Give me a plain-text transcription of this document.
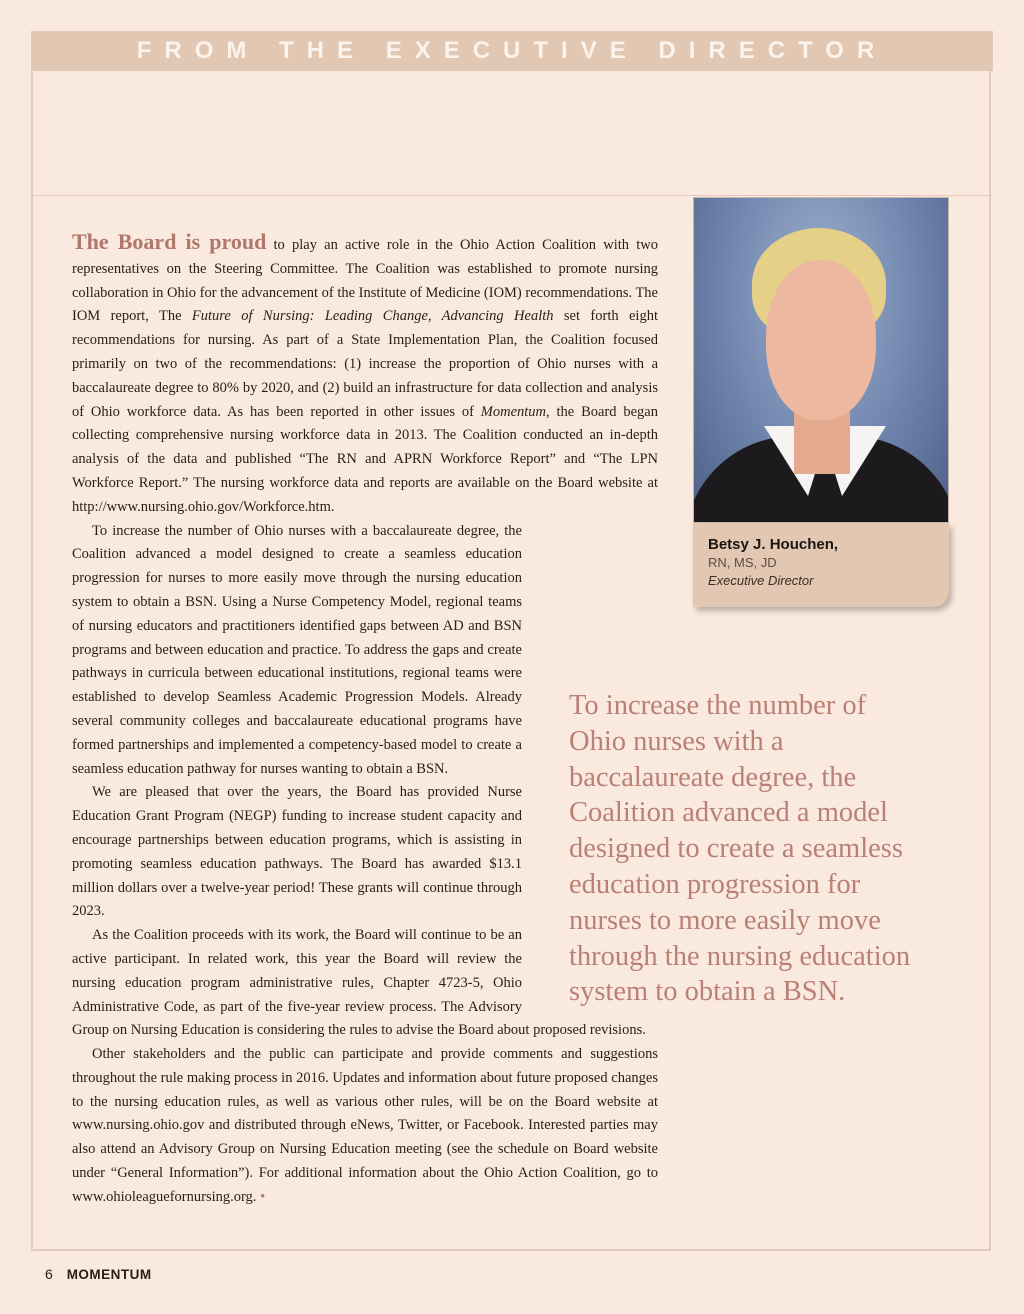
FROM THE EXECUTIVE DIRECTOR
Betsy J. Houchen,
RN, MS, JD
Executive Director

The Board is proud to play an active role in the Ohio Action Coalition with two representatives on the Steering Committee. The Coalition was established to promote nursing collaboration in Ohio for the advancement of the Institute of Medicine (IOM) recommendations. The IOM report, The Future of Nursing: Leading Change, Advancing Health set forth eight recommendations for nursing. As part of a State Implementation Plan, the Coalition focused primarily on two of the recommendations: (1) increase the proportion of Ohio nurses with a baccalaureate degree to 80% by 2020, and (2) build an infrastructure for data collection and analysis of Ohio workforce data. As has been reported in other issues of Momentum, the Board began collecting comprehensive nursing workforce data in 2013. The Coalition conducted an in-depth analysis of the data and published “The RN and APRN Workforce Report” and “The LPN Workforce Report.” The nursing workforce data and reports are available on the Board website at http://www.nursing.ohio.gov/Workforce.htm.

To increase the number of Ohio nurses with a baccalaureate degree, the Coalition advanced a model designed to create a seamless education progression for nurses to more easily move through the nursing education system to obtain a BSN. Using a Nurse Competency Model, regional teams of nursing educators and practitioners identified gaps between AD and BSN programs and between education and practice. To address the gaps and create pathways in curricula between educational institutions, regional teams were established to develop Seamless Academic Progression Models. Already several community colleges and baccalaureate educational programs have formed partnerships and implemented a competency-based model to create a seamless education pathway for nurses wanting to obtain a BSN.

We are pleased that over the years, the Board has provided Nurse Education Grant Program (NEGP) funding to increase student capacity and encourage partnerships between education programs, which is assisting in promoting seamless education pathways. The Board has awarded $13.1 million dollars over a twelve-year period! These grants will continue through 2023.

As the Coalition proceeds with its work, the Board will continue to be an active participant. In related work, this year the Board will review the nursing education program administrative rules, Chapter 4723-5, Ohio Administrative Code, as part of the five-year review process. The Advisory Group on Nursing Education is considering the rules to advise the Board about proposed revisions.

Other stakeholders and the public can participate and provide comments and suggestions throughout the rule making process in 2016. Updates and information about future proposed changes to the nursing education rules, as well as various other rules, will be on the Board website at www.nursing.ohio.gov and distributed through eNews, Twitter, or Facebook. Interested parties may also attend an Advisory Group on Nursing Education meeting (see the schedule on Board website under “General Information”). For additional information about the Ohio Action Coalition, go to www.ohioleaguefornursing.org. •

To increase the number of Ohio nurses with a baccalaureate degree, the Coalition advanced a model designed to create a seamless education progression for nurses to more easily move through the nursing education system to obtain a BSN.
6 MOMENTUM
